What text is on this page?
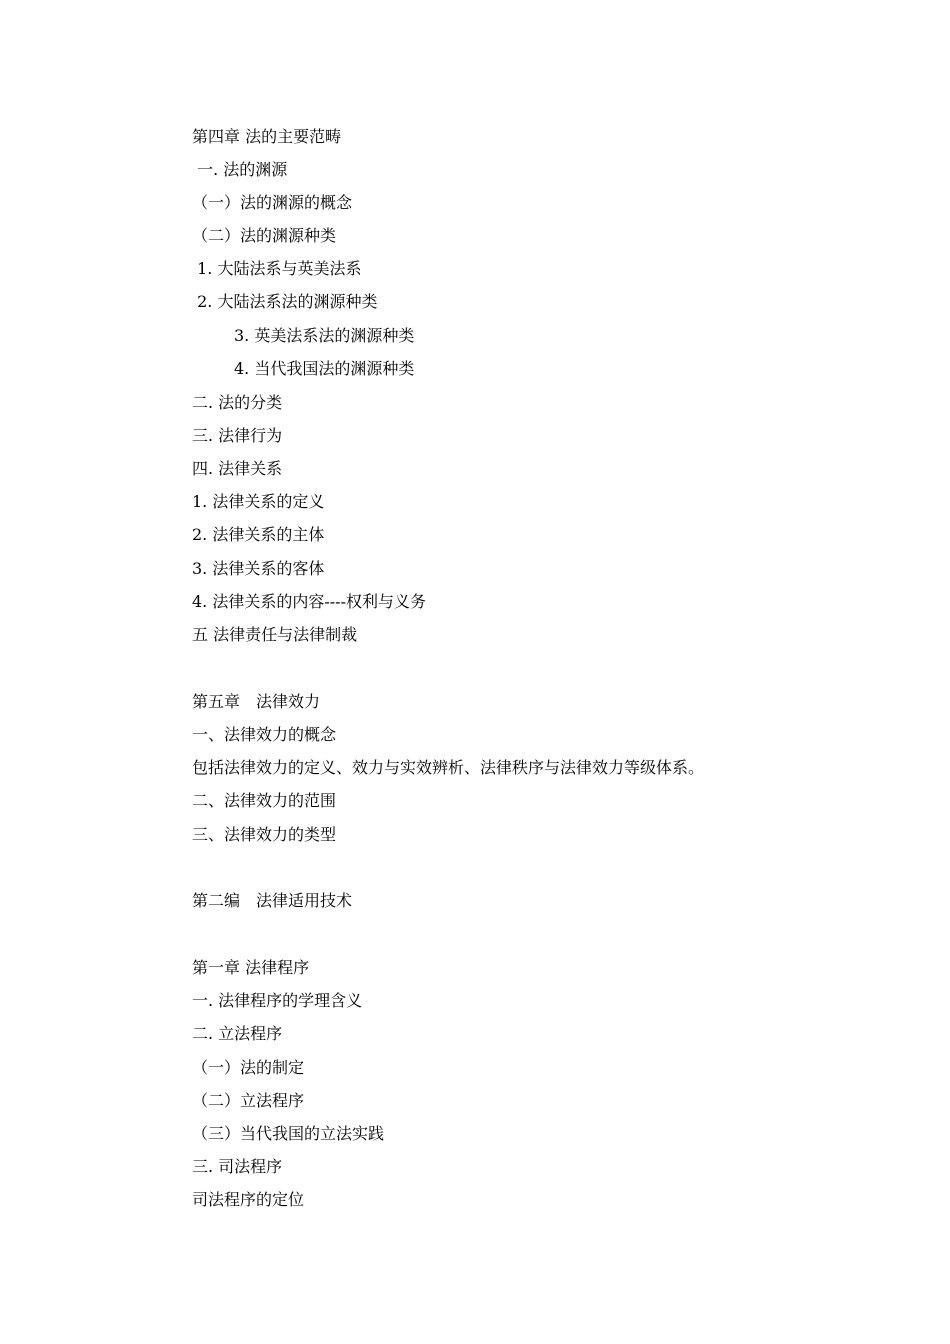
第四章 法的主要范畴
一. 法的渊源
（一）法的渊源的概念
（二）法的渊源种类
1. 大陆法系与英美法系
2. 大陆法系法的渊源种类
3. 英美法系法的渊源种类
4. 当代我国法的渊源种类
二. 法的分类
三. 法律行为
四. 法律关系
1. 法律关系的定义
2. 法律关系的主体
3. 法律关系的客体
4. 法律关系的内容----权利与义务
五 法律责任与法律制裁
第五章　法律效力
一、法律效力的概念
包括法律效力的定义、效力与实效辨析、法律秩序与法律效力等级体系。
二、法律效力的范围
三、法律效力的类型
第二编　法律适用技术
第一章 法律程序
一. 法律程序的学理含义
二. 立法程序
（一）法的制定
（二）立法程序
（三）当代我国的立法实践
三. 司法程序
司法程序的定位
